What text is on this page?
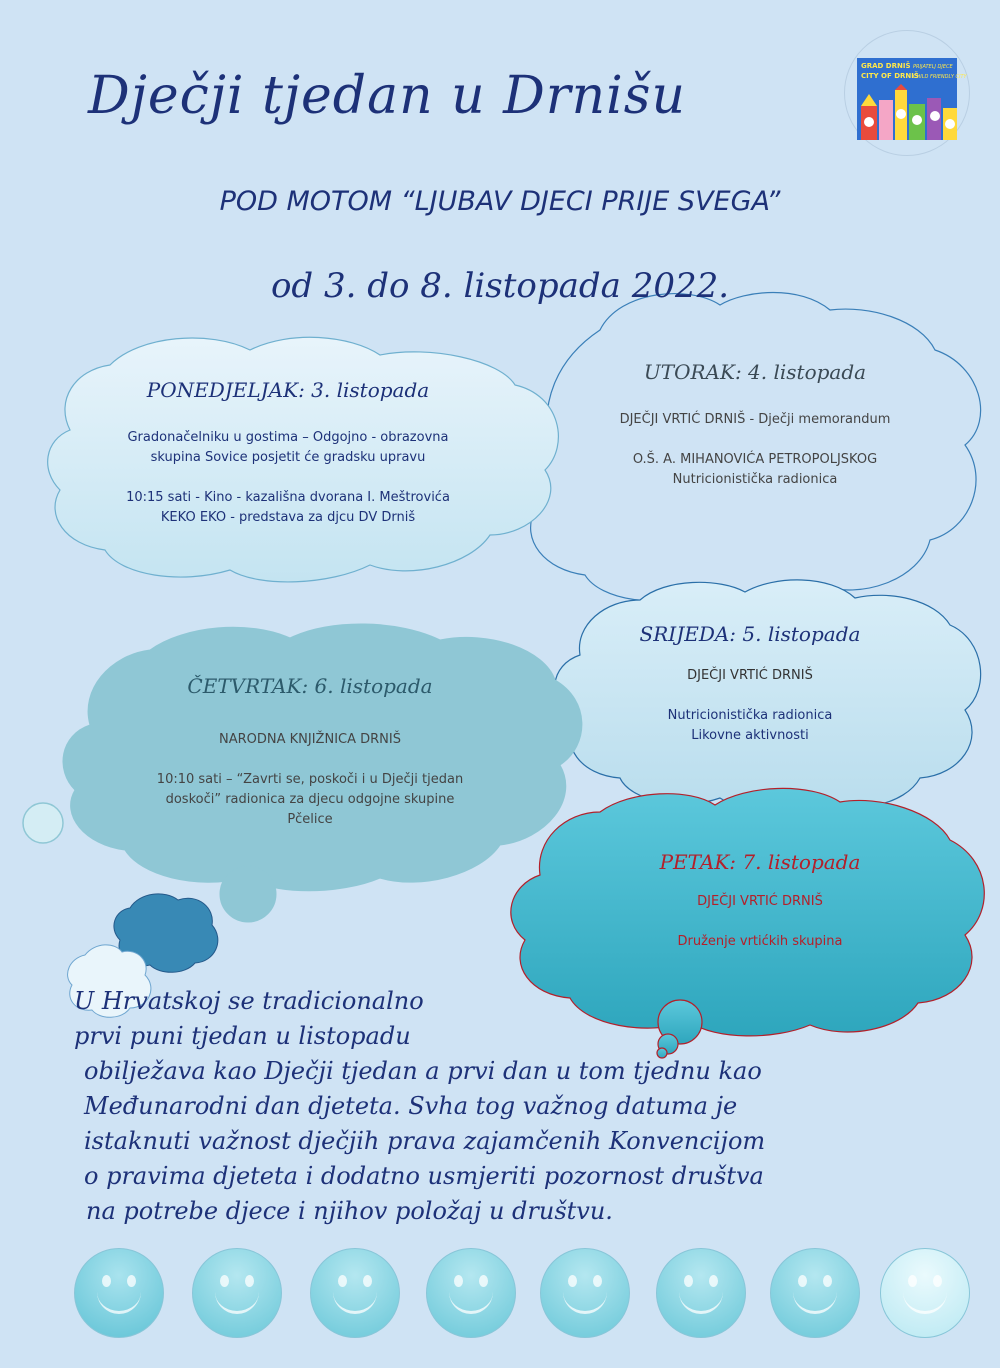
Dječji tjedan u Drnišu
POD MOTOM “LJUBAV DJECI PRIJE SVEGA”
od 3. do 8. listopada 2022.
GRAD DRNIŠ
CITY OF DRNIŠ
PRIJATELJ DJECE
CHILD FRIENDLY CITY
PONEDJELJAK: 3. listopada
Gradonačelniku u gostima – Odgojno - obrazovna
skupina Sovice posjetit će gradsku upravu
10:15 sati - Kino - kazališna dvorana I. Meštrovića
KEKO EKO - predstava za djcu DV Drniš
UTORAK: 4. listopada
DJEČJI VRTIĆ DRNIŠ - Dječji memorandum
O.Š. A. MIHANOVIĆA PETROPOLJSKOG
Nutricionistička radionica
SRIJEDA: 5. listopada
DJEČJI VRTIĆ DRNIŠ
Nutricionistička radionica
Likovne aktivnosti
ČETVRTAK: 6. listopada
NARODNA KNJIŽNICA DRNIŠ
10:10 sati – “Zavrti se, poskoči i u Dječji tjedan
doskoči” radionica za djecu odgojne skupine
Pčelice
PETAK: 7. listopada
DJEČJI VRTIĆ DRNIŠ
Druženje vrtićkih skupina
U Hrvatskoj se tradicionalno
prvi puni tjedan u listopadu
obilježava kao Dječji tjedan a prvi dan u tom tjednu kao
Međunarodni dan djeteta. Svha tog važnog datuma je
istaknuti važnost dječjih prava zajamčenih Konvencijom
o pravima djeteta i dodatno usmjeriti pozornost društva
na potrebe djece i njihov položaj u društvu.
